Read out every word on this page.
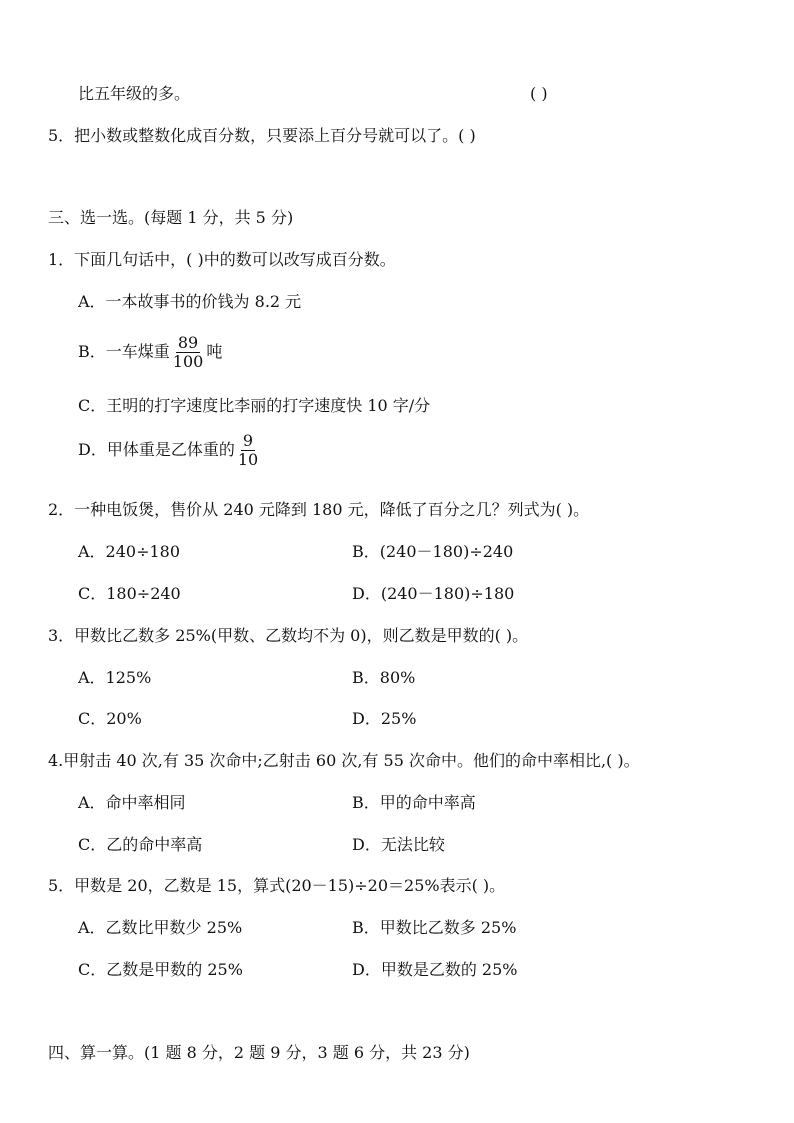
比五年级的多。	( )
5．把小数或整数化成百分数，只要添上百分号就可以了。( )
三、选一选。(每题 1 分，共 5 分)
1．下面几句话中，( )中的数可以改写成百分数。
A．一本故事书的价钱为 8.2 元
B．一车煤重 $\frac{89}{100}$ 吨
C．王明的打字速度比李丽的打字速度快 10 字/分
D．甲体重是乙体重的 $\frac{9}{10}$
2．一种电饭煲，售价从 240 元降到 180 元，降低了百分之几？列式为( )。
A．240÷180	B．(240－180)÷240
C．180÷240	D．(240－180)÷180
3．甲数比乙数多 25%(甲数、乙数均不为 0)，则乙数是甲数的( )。
A．125%	B．80%
C．20%	D．25%
4.甲射击 40 次,有 35 次命中;乙射击 60 次,有 55 次命中。他们的命中率相比,( )。
A．命中率相同	B．甲的命中率高
C．乙的命中率高	D．无法比较
5．甲数是 20，乙数是 15，算式(20－15)÷20＝25%表示( )。
A．乙数比甲数少 25%	B．甲数比乙数多 25%
C．乙数是甲数的 25%	D．甲数是乙数的 25%
四、算一算。(1 题 8 分，2 题 9 分，3 题 6 分，共 23 分)
